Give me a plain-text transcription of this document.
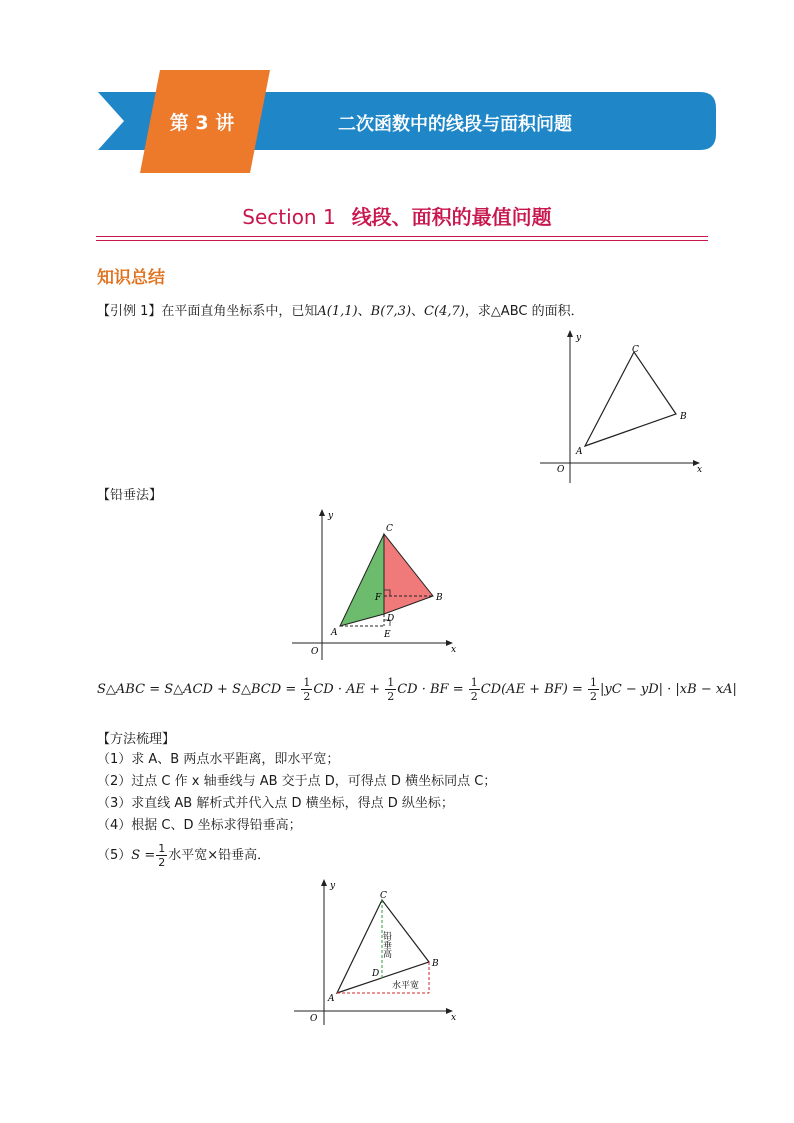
第 3 讲	二次函数中的线段与面积问题
Section 1 线段、面积的最值问题
知识总结
【引例 1】在平面直角坐标系中，已知A(1,1)、B(7,3)、C(4,7)，求△ABC 的面积．
y
x
O
A
B
C
【铅垂法】
y
x
O
A
B
C
D
E
F
S△ABC = S△ACD + S△BCD = $\frac{1}{2}$ CD · AE + $\frac{1}{2}$ CD · BF = $\frac{1}{2} CD(AE + BF) = \frac{1}{2} |yC - yD| \cdot |xB - xA|$
【方法梳理】
（1）求 A、B 两点水平距离，即水平宽；
（2）过点 C 作 x 轴垂线与 AB 交于点 D，可得点 D 横坐标同点 C；
（3）求直线 AB 解析式并代入点 D 横坐标，得点 D 纵坐标；
（4）根据 C、D 坐标求得铅垂高；
$(5)S = \frac{1}{2}$ 水平宽×铅垂高．
铅垂高
水平宽
y
x
O
A
B
C
D
